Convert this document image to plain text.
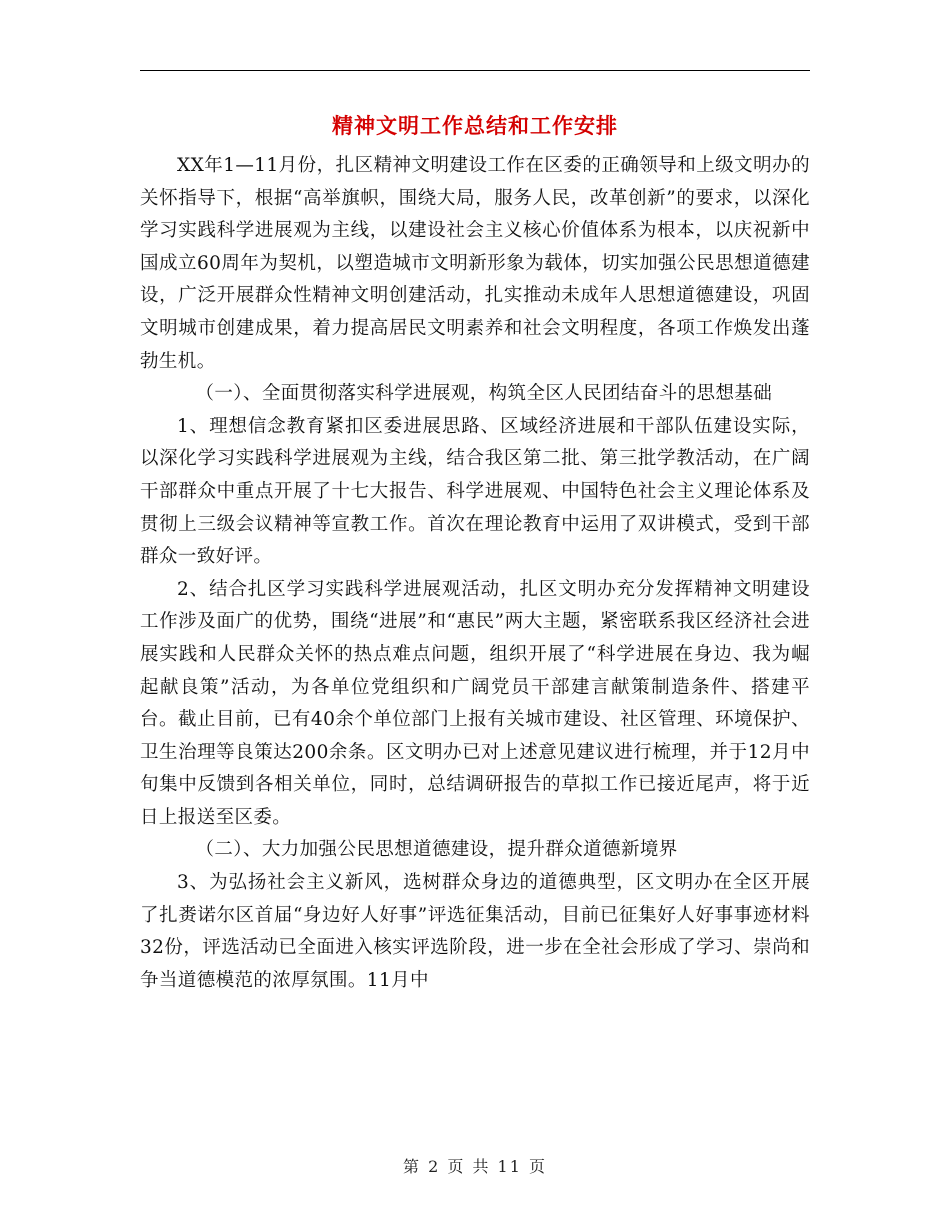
精神文明工作总结和工作安排

XX年1—11月份，扎区精神文明建设工作在区委的正确领导和上级文明办的关怀指导下，根据“高举旗帜，围绕大局，服务人民，改革创新”的要求，以深化学习实践科学进展观为主线，以建设社会主义核心价值体系为根本，以庆祝新中国成立60周年为契机，以塑造城市文明新形象为载体，切实加强公民思想道德建设，广泛开展群众性精神文明创建活动，扎实推动未成年人思想道德建设，巩固文明城市创建成果，着力提高居民文明素养和社会文明程度，各项工作焕发出蓬勃生机。

（一）、全面贯彻落实科学进展观，构筑全区人民团结奋斗的思想基础

1、理想信念教育紧扣区委进展思路、区域经济进展和干部队伍建设实际，以深化学习实践科学进展观为主线，结合我区第二批、第三批学教活动，在广阔干部群众中重点开展了十七大报告、科学进展观、中国特色社会主义理论体系及贯彻上三级会议精神等宣教工作。首次在理论教育中运用了双讲模式，受到干部群众一致好评。

2、结合扎区学习实践科学进展观活动，扎区文明办充分发挥精神文明建设工作涉及面广的优势，围绕“进展”和“惠民”两大主题，紧密联系我区经济社会进展实践和人民群众关怀的热点难点问题，组织开展了“科学进展在身边、我为崛起献良策”活动，为各单位党组织和广阔党员干部建言献策制造条件、搭建平台。截止目前，已有40余个单位部门上报有关城市建设、社区管理、环境保护、卫生治理等良策达200余条。区文明办已对上述意见建议进行梳理，并于12月中旬集中反馈到各相关单位，同时，总结调研报告的草拟工作已接近尾声，将于近日上报送至区委。

（二）、大力加强公民思想道德建设，提升群众道德新境界

3、为弘扬社会主义新风，选树群众身边的道德典型，区文明办在全区开展了扎赉诺尔区首届“身边好人好事”评选征集活动，目前已征集好人好事事迹材料32份，评选活动已全面进入核实评选阶段，进一步在全社会形成了学习、崇尚和争当道德模范的浓厚氛围。11月中

第 2 页 共 11 页
